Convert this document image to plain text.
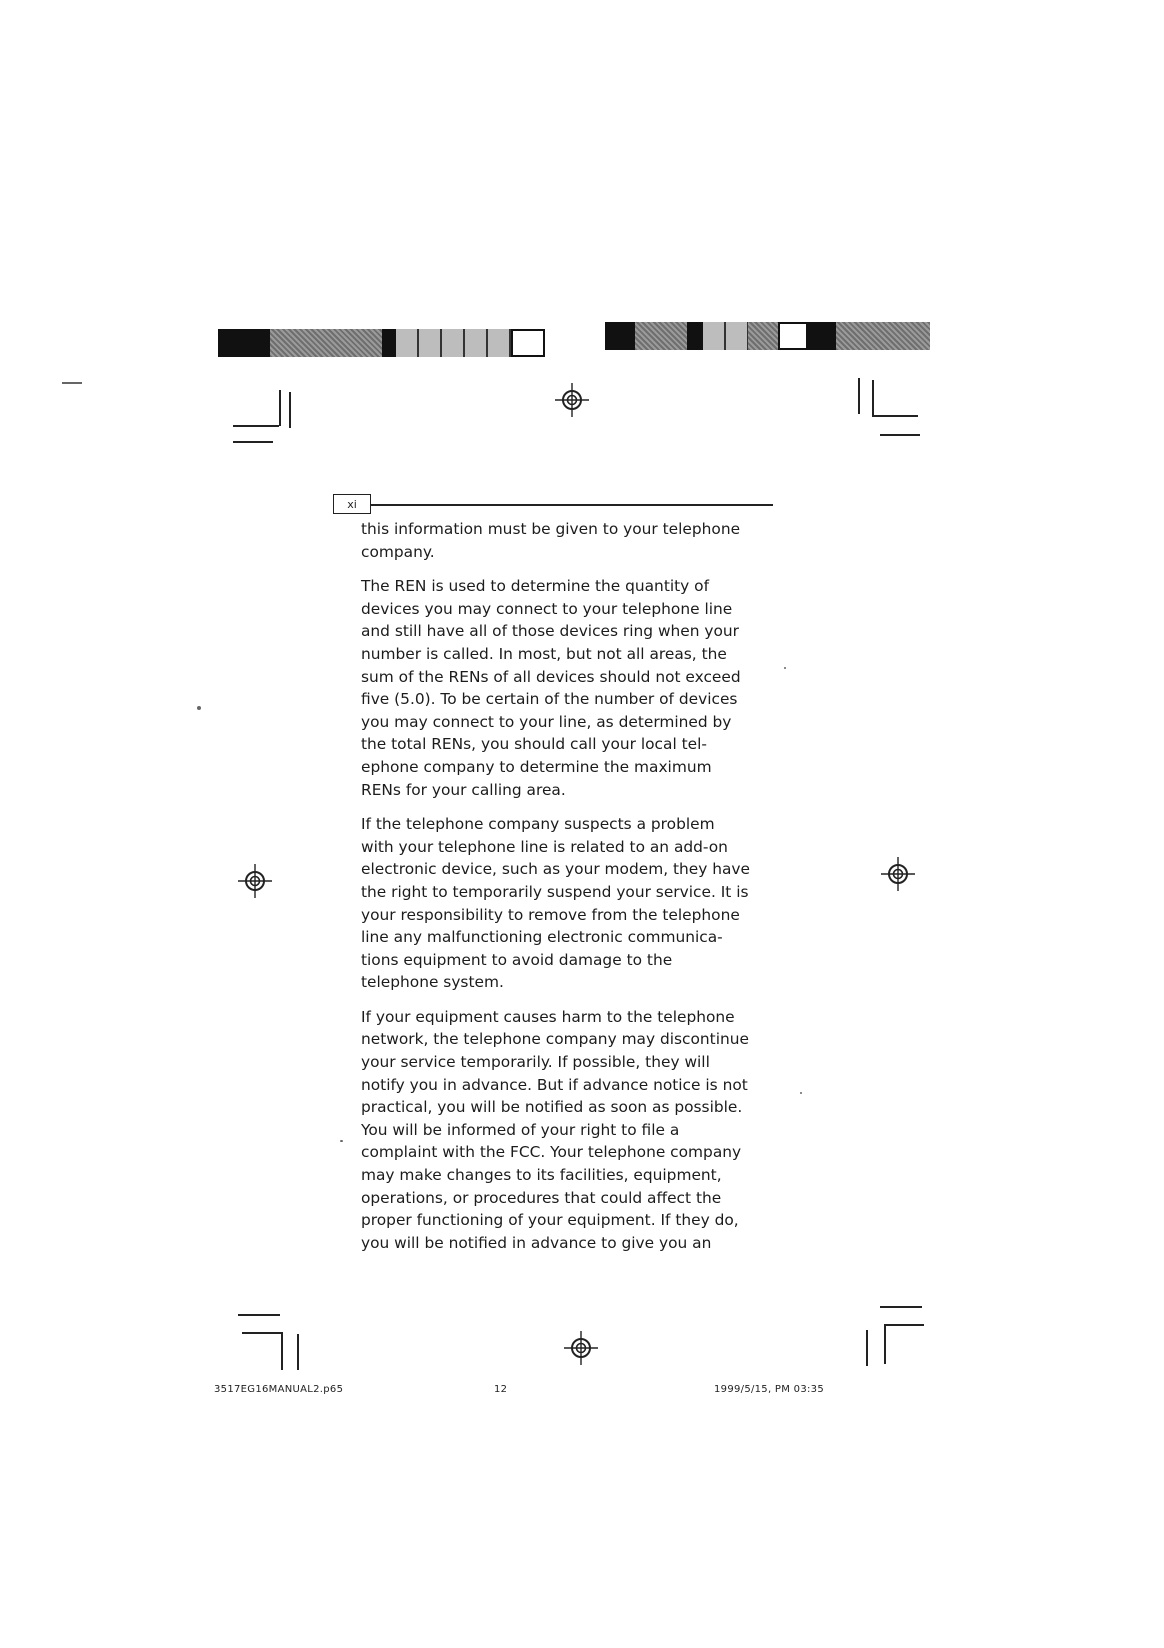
xi

this information must be given to your telephone
company.

The REN is used to determine the quantity of
devices you may connect to your telephone line
and still have all of those devices ring when your
number is called. In most, but not all areas, the
sum of the RENs of all devices should not exceed
five (5.0). To be certain of the number of devices
you may connect to your line, as determined by
the total RENs, you should call your local tel-
ephone company to determine the maximum
RENs for your calling area.

If the telephone company suspects a problem
with your telephone line is related to an add-on
electronic device, such as your modem, they have
the right to temporarily suspend your service. It is
your responsibility to remove from the telephone
line any malfunctioning electronic communica-
tions equipment to avoid damage to the
telephone system.

If your equipment causes harm to the telephone
network, the telephone company may discontinue
your service temporarily. If possible, they will
notify you in advance. But if advance notice is not
practical, you will be notified as soon as possible.
You will be informed of your right to file a
complaint with the FCC. Your telephone company
may make changes to its facilities, equipment,
operations, or procedures that could affect the
proper functioning of your equipment. If they do,
you will be notified in advance to give you an

3517EG16MANUAL2.p65	12	1999/5/15, PM 03:35
